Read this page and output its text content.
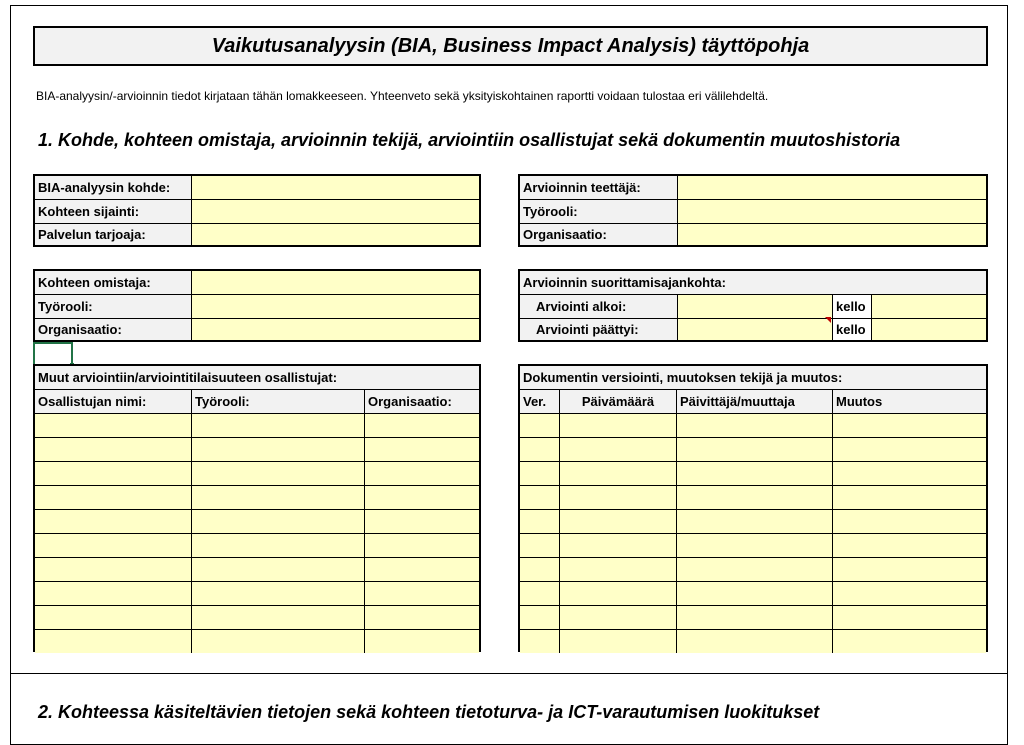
Vaikutusanalyysin (BIA, Business Impact Analysis) täyttöpohja
BIA-analyysin/-arvioinnin tiedot kirjataan tähän lomakkeeseen. Yhteenveto sekä yksityiskohtainen raportti voidaan tulostaa eri välilehdeltä.
1. Kohde, kohteen omistaja, arvioinnin tekijä, arviointiin osallistujat sekä dokumentin muutoshistoria
2. Kohteessa käsiteltävien tietojen sekä kohteen tietoturva- ja ICT-varautumisen luokitukset
BIA-analyysin kohde:
Kohteen sijainti:
Palvelun tarjoaja:
Arvioinnin teettäjä:
Työrooli:
Organisaatio:
Kohteen omistaja:
Työrooli:
Organisaatio:
Arvioinnin suorittamisajankohta:
Arviointi alkoi:	kello
Arviointi päättyi:	kello
Muut arviointiin/arviointitilaisuuteen osallistujat:
Osallistujan nimi:	Työrooli:	Organisaatio:
Dokumentin versiointi, muutoksen tekijä ja muutos:
Ver.	Päivämäärä	Päivittäjä/muuttaja	Muutos
